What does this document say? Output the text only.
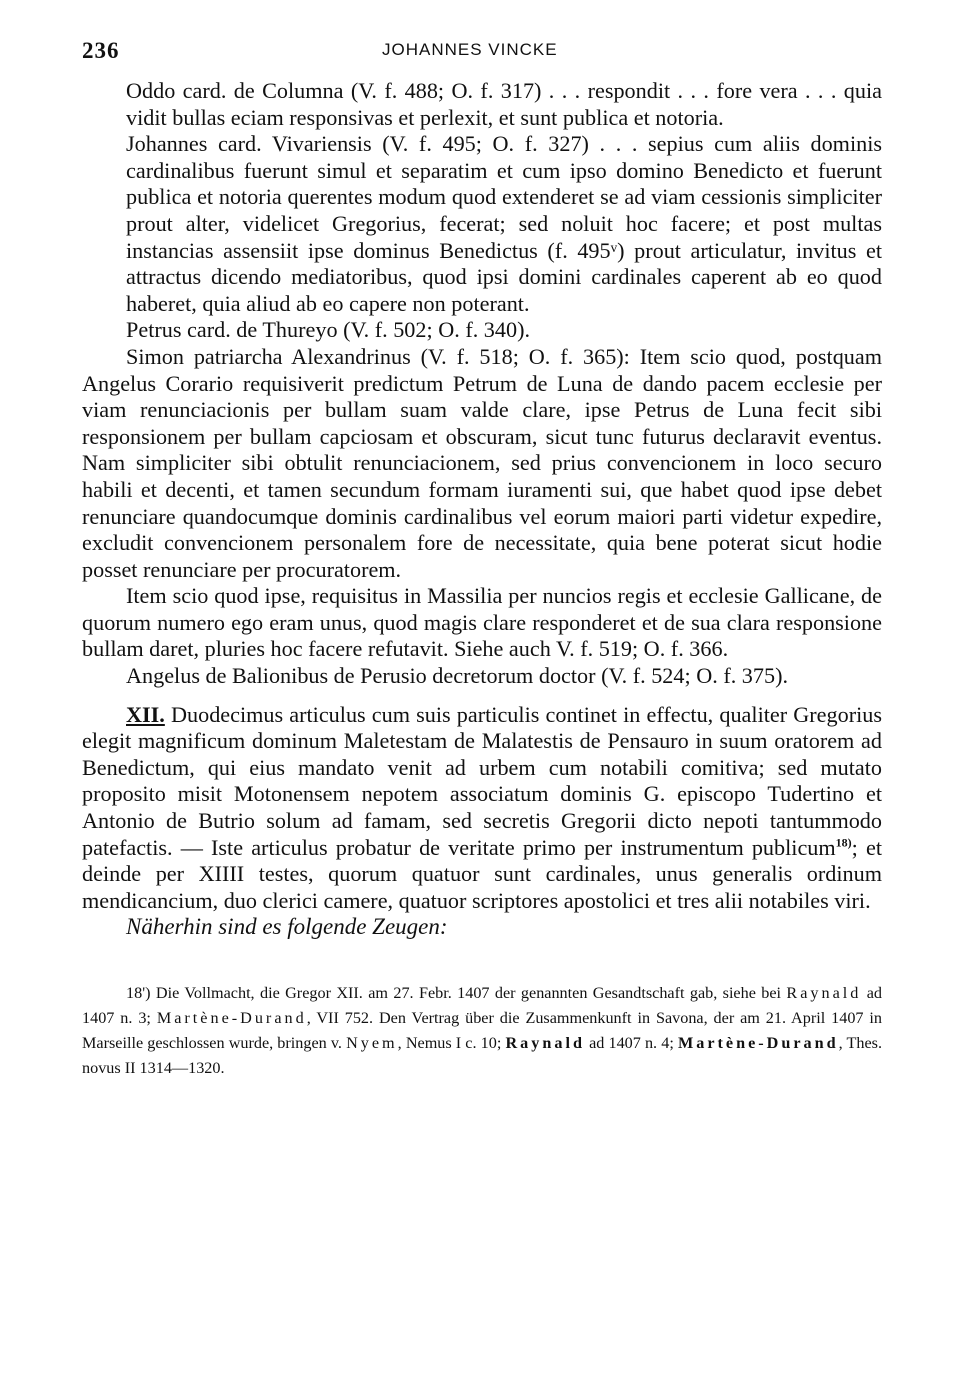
236	JOHANNES VINCKE

Oddo card. de Columna (V. f. 488; O. f. 317) . . . respondit . . . fore vera . . . quia vidit bullas eciam responsivas et perlexit, et sunt publica et notoria.

Johannes card. Vivariensis (V. f. 495; O. f. 327) . . . sepius cum aliis dominis cardinalibus fuerunt simul et separatim et cum ipso domino Benedicto et fuerunt publica et notoria querentes modum quod extenderet se ad viam cessionis simpliciter prout alter, videlicet Gregorius, fecerat; sed noluit hoc facere; et post multas instancias assensiit ipse dominus Benedictus (f. 495ᵛ) prout articulatur, invitus et attractus dicendo mediatoribus, quod ipsi domini cardinales caperent ab eo quod haberet, quia aliud ab eo capere non poterant.

Petrus card. de Thureyo (V. f. 502; O. f. 340).

Simon patriarcha Alexandrinus (V. f. 518; O. f. 365): Item scio quod, postquam Angelus Corario requisiverit predictum Petrum de Luna de dando pacem ecclesie per viam renunciacionis per bullam suam valde clare, ipse Petrus de Luna fecit sibi responsionem per bullam capciosam et obscuram, sicut tunc futurus declaravit eventus. Nam simpliciter sibi obtulit renunciacionem, sed prius convencionem in loco securo habili et decenti, et tamen secundum formam iuramenti sui, que habet quod ipse debet renunciare quandocumque dominis cardinalibus vel eorum maiori parti videtur expedire, excludit convencionem personalem fore de necessitate, quia bene poterat sicut hodie posset renunciare per procuratorem.

Item scio quod ipse, requisitus in Massilia per nuncios regis et ecclesie Gallicane, de quorum numero ego eram unus, quod magis clare responderet et de sua clara responsione bullam daret, pluries hoc facere refutavit. Siehe auch V. f. 519; O. f. 366.

Angelus de Balionibus de Perusio decretorum doctor (V. f. 524; O. f. 375).

XII. Duodecimus articulus cum suis particulis continet in effectu, qualiter Gregorius elegit magnificum dominum Maletestam de Malatestis de Pensauro in suum oratorem ad Benedictum, qui eius mandato venit ad urbem cum notabili comitiva; sed mutato proposito misit Motonensem nepotem associatum dominis G. episcopo Tudertino et Antonio de Butrio solum ad famam, sed secretis Gregorii dicto nepoti tantummodo patefactis. — Iste articulus probatur de veritate primo per instrumentum publicum$^{18)}$; et deinde per XIIII testes, quorum quatuor sunt cardinales, unus generalis ordinum mendicancium, duo clerici camere, quatuor scriptores apostolici et tres alii notabiles viri.

Näherhin sind es folgende Zeugen:

18') Die Vollmacht, die Gregor XII. am 27. Febr. 1407 der genannten Gesandtschaft gab, siehe bei Raynald ad 1407 n. 3; Martène-Durand, VII 752. Den Vertrag über die Zusammenkunft in Savona, der am 21. April 1407 in Marseille geschlossen wurde, bringen v. Nyem, Nemus I c. 10; Raynald ad 1407 n. 4; Martène-Durand, Thes. novus II 1314—1320.
